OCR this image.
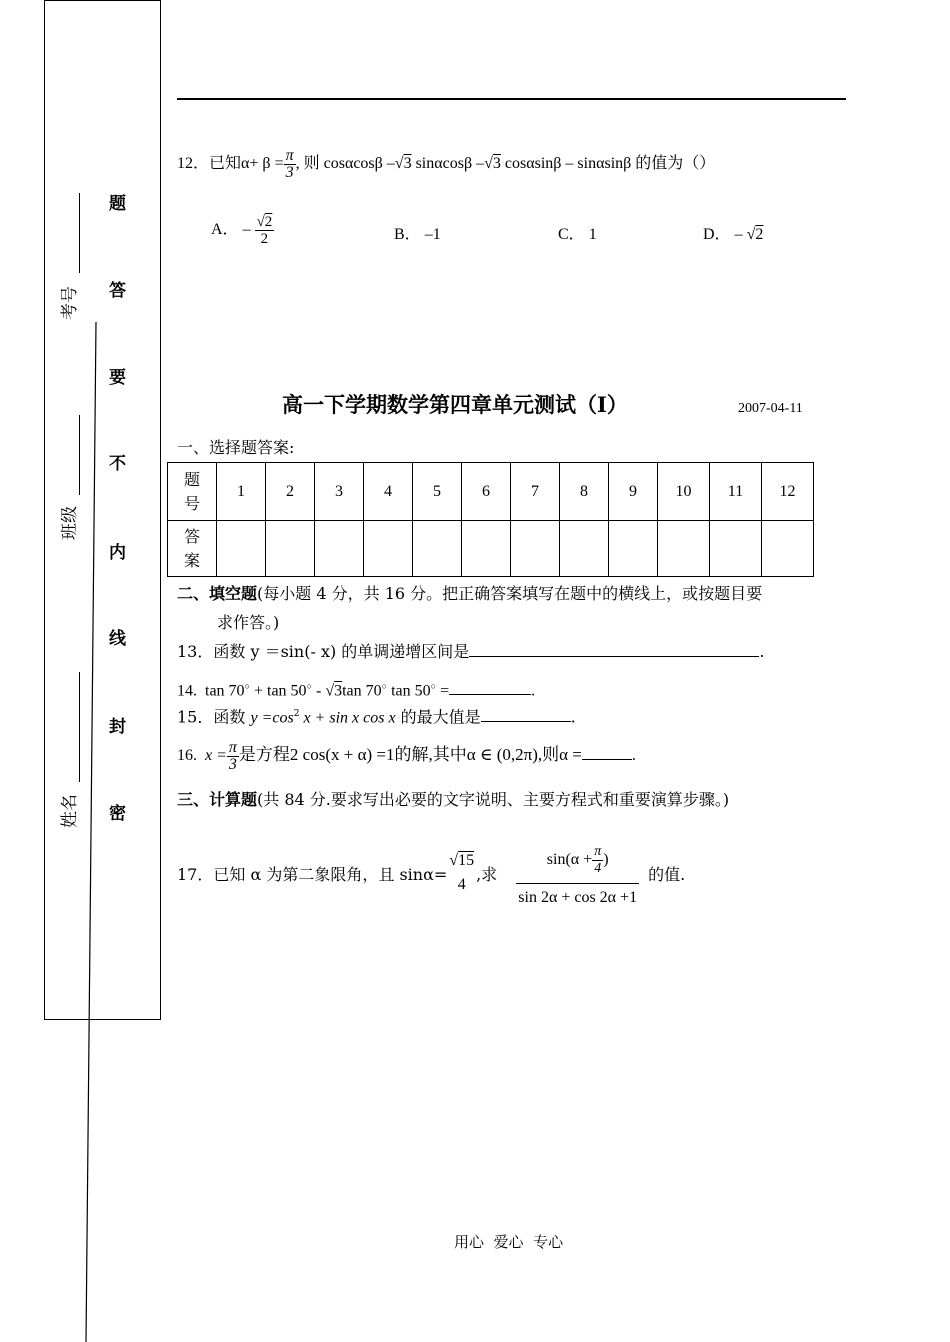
密
封
线
内
不
要
答
题
姓名
班级
考号
12．已知$\alpha+ \beta = \frac{\pi}{3}$ , 则 cosαcosβ –√3 sinαcosβ –√3 cosαsinβ – sinαsinβ 的值为（）
A． – $\frac{√2}{2}$	B． –1	C． 1	D． – √2
高一下学期数学第四章单元测试（Ⅰ）	2007-04-11
一、选择题答案:
题
号	1	2	3	4	5	6	7	8	9	10	11	12
答
案												
二、填空题(每小题 4 分，共 16 分。把正确答案填写在题中的横线上，或按题目要
求作答。)
13．函数 y ＝sin(- x) 的单调递增区间是	.
14. tan 70○ + tan 50○ - √3tan 70○ tan 50○ =	.
15．函数 $y =\cos^2$ x + sin x cos x 的最大值是	.
16. $x = \frac{\pi}{3}$ 是方程2 cos(x + α) =1的解,其中α ∈ (0,2π),则α =	.
三、计算题(共 84 分.要求写出必要的文字说明、主要方程式和重要演算步骤。)
17．已知 α 为第二象限角，且 sinα=
√15
4
,求 $\frac{\sin(\alpha + \frac{\pi}{4} )}{\sin 2\alpha + \cos 2\alpha +1}$ 的值.
用心  爱心  专心
